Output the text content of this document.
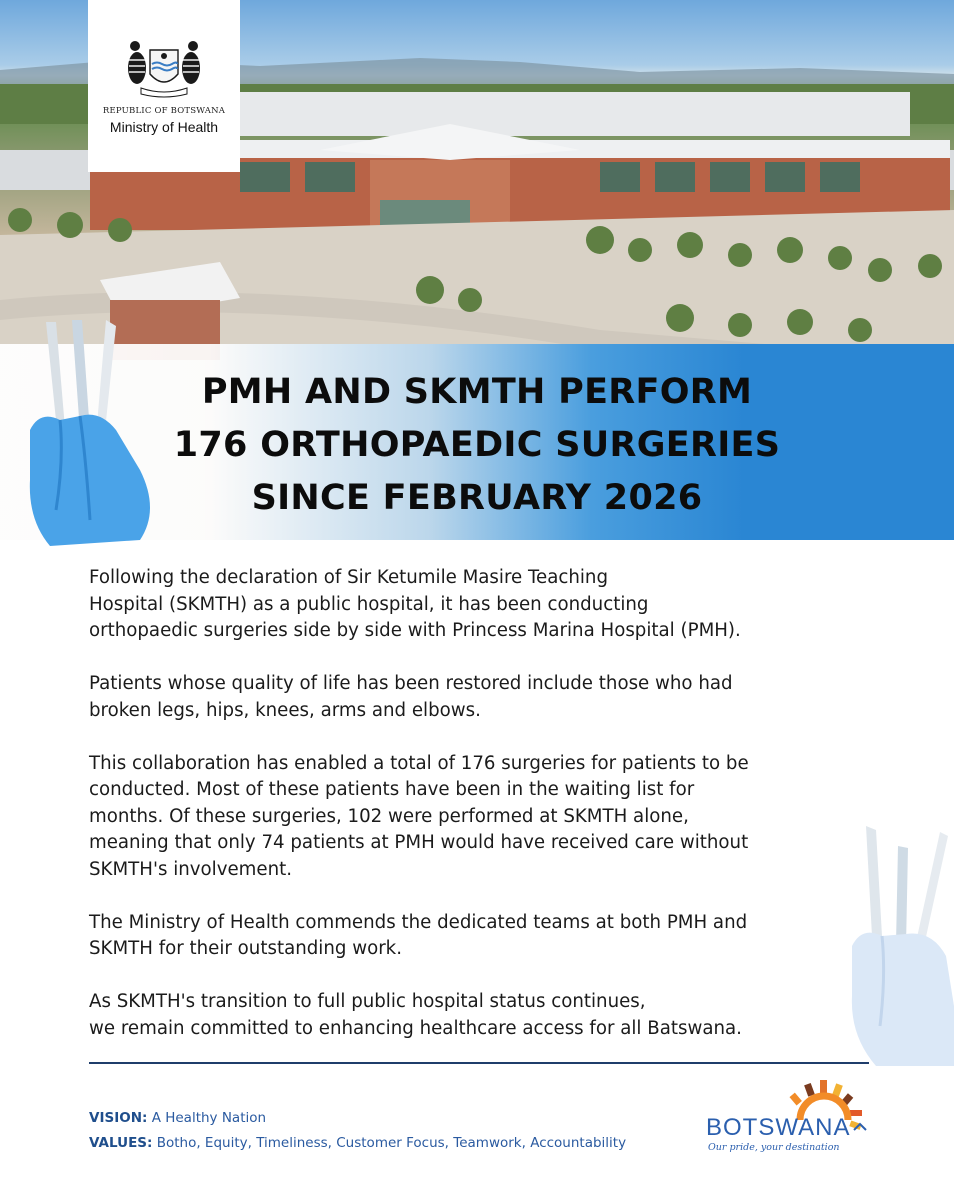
REPUBLIC OF BOTSWANA
Ministry of Health
PMH AND SKMTH PERFORM
176 ORTHOPAEDIC SURGERIES
SINCE FEBRUARY 2026

Following the declaration of Sir Ketumile Masire Teaching
Hospital (SKMTH) as a public hospital, it has been conducting
orthopaedic surgeries side by side with Princess Marina Hospital (PMH).

Patients whose quality of life has been restored include those who had
broken legs, hips, knees, arms and elbows.

This collaboration has enabled a total of 176 surgeries for patients to be
conducted. Most of these patients have been in the waiting list for
months. Of these surgeries, 102 were performed at SKMTH alone,
meaning that only 74 patients at PMH would have received care without
SKMTH's involvement.

The Ministry of Health commends the dedicated teams at both PMH and
SKMTH for their outstanding work.

As SKMTH's transition to full public hospital status continues,
we remain committed to enhancing healthcare access for all Batswana.

VISION: A Healthy Nation
VALUES: Botho, Equity, Timeliness, Customer Focus, Teamwork, Accountability
BOTSWANA
Our pride, your destination
